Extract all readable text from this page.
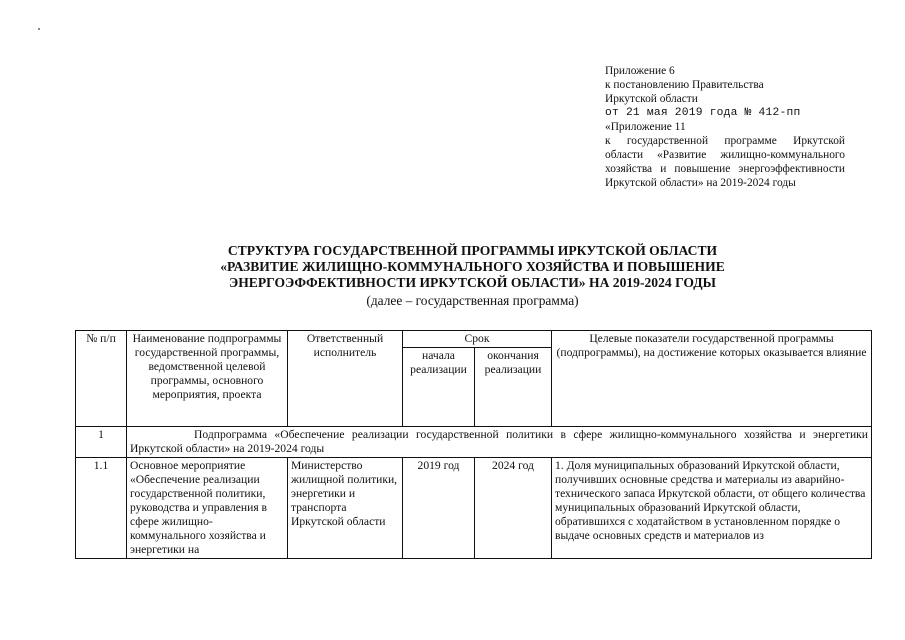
Приложение 6
к постановлению Правительства
Иркутской области
от 21 мая 2019 года № 412-пп
«Приложение 11
к государственной программе Иркутской области «Развитие жилищно-коммунального хозяйства и повышение энергоэффективности Иркутской области» на 2019-2024 годы
СТРУКТУРА ГОСУДАРСТВЕННОЙ ПРОГРАММЫ ИРКУТСКОЙ ОБЛАСТИ
«РАЗВИТИЕ ЖИЛИЩНО-КОММУНАЛЬНОГО ХОЗЯЙСТВА И ПОВЫШЕНИЕ
ЭНЕРГОЭФФЕКТИВНОСТИ ИРКУТСКОЙ ОБЛАСТИ» НА 2019-2024 ГОДЫ
(далее – государственная программа)
№ п/п	Наименование подпрограммы государственной программы, ведомственной целевой программы, основного мероприятия, проекта	Ответственный исполнитель	Срок		Целевые показатели государственной программы (подпрограммы), на достижение которых оказывается влияние
			начала реализации	окончания реализации	
1	Подпрограмма «Обеспечение реализации государственной политики в сфере жилищно-коммунального хозяйства и энергетики Иркутской области» на 2019-2024 годы				
1.1	Основное мероприятие «Обеспечение реализации государственной политики, руководства и управления в сфере жилищно-коммунального хозяйства и энергетики на	Министерство жилищной политики, энергетики и транспорта Иркутской области	2019 год	2024 год	1. Доля муниципальных образований Иркутской области, получивших основные средства и материалы из аварийно-технического запаса Иркутской области, от общего количества муниципальных образований Иркутской области, обратившихся с ходатайством в установленном порядке о выдаче основных средств и материалов из
